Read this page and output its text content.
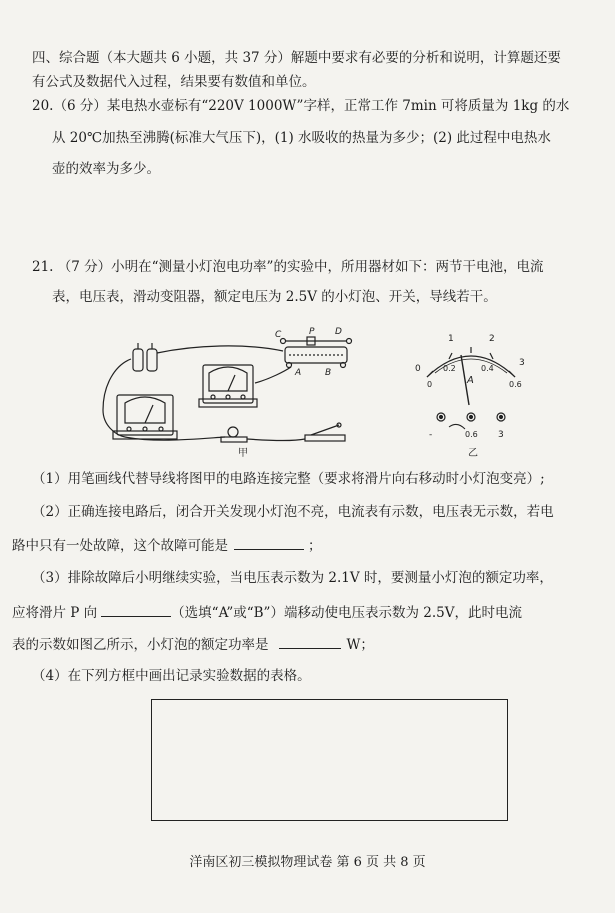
四、综合题（本大题共 6 小题，共 37 分）解题中要求有必要的分析和说明，计算题还要
有公式及数据代入过程，结果要有数值和单位。
20.（6 分）某电热水壶标有“220V 1000W”字样，正常工作 7min 可将质量为 1kg 的水
从 20℃加热至沸腾(标准大气压下)，(1) 水吸收的热量为多少；(2) 此过程中电热水
壶的效率为多少。
21. （7 分）小明在“测量小灯泡电功率”的实验中，所用器材如下：两节干电池，电流
表，电压表，滑动变阻器，额定电压为 2.5V 的小灯泡、开关，导线若干。
C	P D
A	B
甲
1	2
0
3
0
0.2	0.4
0.6
A
-	0.6 3
乙
（1）用笔画线代替导线将图甲的电路连接完整（要求将滑片向右移动时小灯泡变亮）;
（2）正确连接电路后，闭合开关发现小灯泡不亮，电流表有示数，电压表无示数，若电
路中只有一处故障，这个故障可能是	；
（3）排除故障后小明继续实验，当电压表示数为 2.1V 时，要测量小灯泡的额定功率，
应将滑片 P 向	（选填“A”或“B”）端移动使电压表示数为 2.5V，此时电流
表的示数如图乙所示，小灯泡的额定功率是	W；
（4）在下列方框中画出记录实验数据的表格。
洋南区初三模拟物理试卷 第 6 页 共 8 页
